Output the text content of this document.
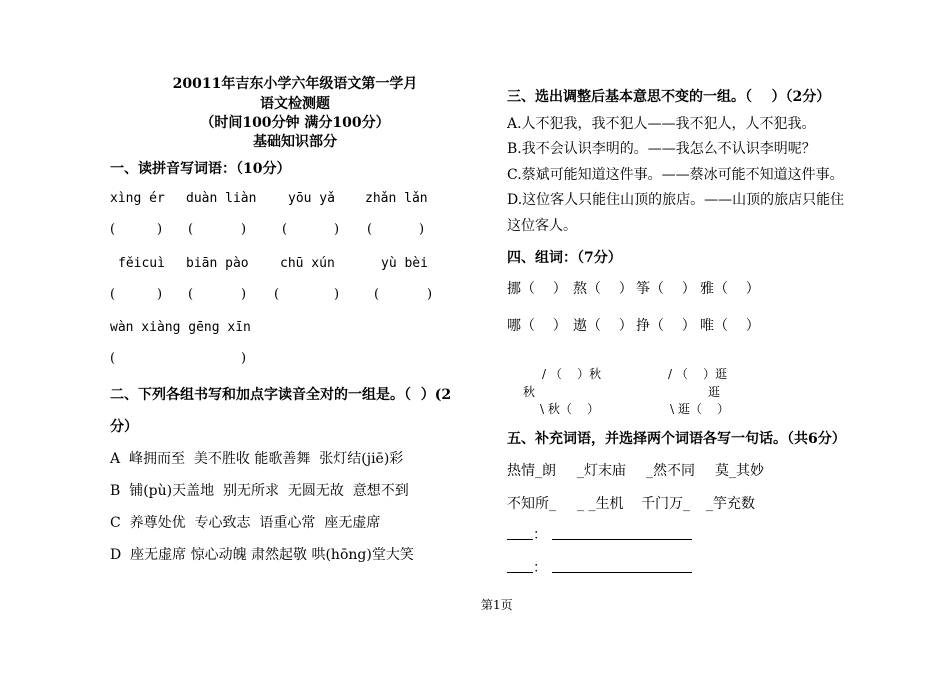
20011年吉东小学六年级语文第一学月
语文检测题
（时间100分钟 满分100分）
基础知识部分
一、读拼音写词语：（10分）
xìng ér duàn liàn yōu yǎ zhǎn lǎn
(	) (	)	(	) (	)
fěicuì biān pào chū xún	yù bèi
(	) (	) (	)	(	)
wàn xiàng gēng xīn
(	)
二、下列各组书写和加点字读音全对的一组是。（  ）(2
分）
A  峰拥而至  美不胜收 能歌善舞  张灯结(jiē)彩
B  铺(pù)天盖地  别无所求  无圆无故  意想不到
C  养尊处优  专心致志  语重心常  座无虚席
D  座无虚席 惊心动魄 肃然起敬 哄(hōng)堂大笑
三、选出调整后基本意思不变的一组。（    ）（2分）
A.人不犯我，我不犯人——我不犯人，人不犯我。
B.我不会认识李明的。——我怎么不认识李明呢？
C.蔡斌可能知道这件事。——蔡冰可能不知道这件事。
D.这位客人只能住山顶的旅店。——山顶的旅店只能住
这位客人。
四、组词：（7分）
挪（    ） 熬（    ） 筝（    ） 雅（    ）
哪（    ） 遨（    ） 挣（    ） 唯（    ）
/ （    ）秋
秋
\ 秋（    ）
/ （    ）逛
逛
\ 逛（    ）
五、补充词语，并选择两个词语各写一句话。（共6分）
热情_朗 _灯末庙 _然不同 莫_其妙
不知所_ _ _生机 千门万_ _竽充数
：
：
第1页
